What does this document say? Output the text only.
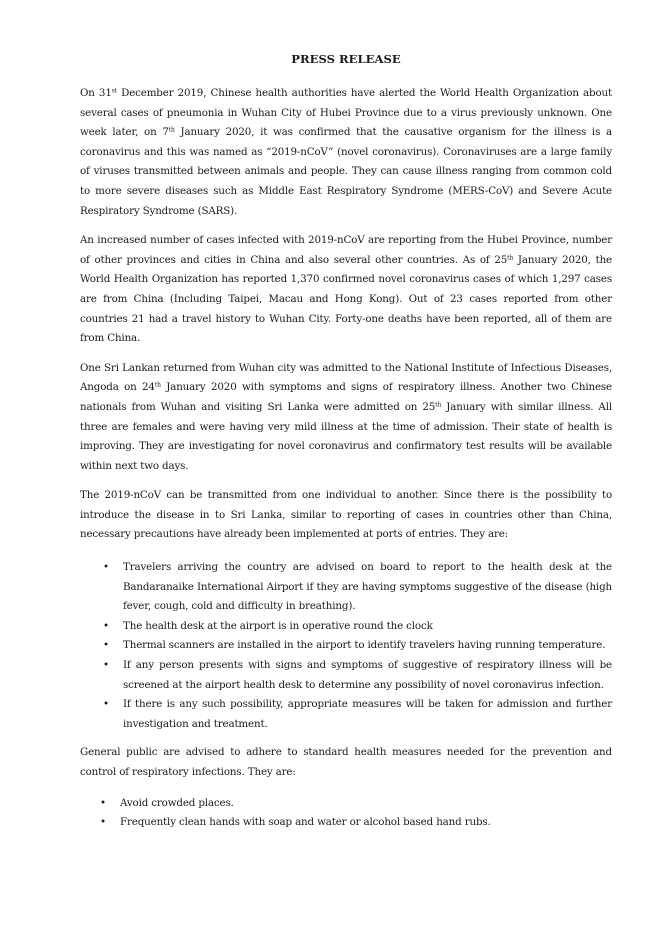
PRESS RELEASE

On 31st December 2019, Chinese health authorities have alerted the World Health Organization about several cases of pneumonia in Wuhan City of Hubei Province due to a virus previously unknown. One week later, on 7th January 2020, it was confirmed that the causative organism for the illness is a coronavirus and this was named as “2019-nCoV” (novel coronavirus). Coronaviruses are a large family of viruses transmitted between animals and people. They can cause illness ranging from common cold to more severe diseases such as Middle East Respiratory Syndrome (MERS-CoV) and Severe Acute Respiratory Syndrome (SARS).

An increased number of cases infected with 2019-nCoV are reporting from the Hubei Province, number of other provinces and cities in China and also several other countries. As of 25th January 2020, the World Health Organization has reported 1,370 confirmed novel coronavirus cases of which 1,297 cases are from China (Including Taipei, Macau and Hong Kong). Out of 23 cases reported from other countries 21 had a travel history to Wuhan City. Forty-one deaths have been reported, all of them are from China.

One Sri Lankan returned from Wuhan city was admitted to the National Institute of Infectious Diseases, Angoda on 24th January 2020 with symptoms and signs of respiratory illness. Another two Chinese nationals from Wuhan and visiting Sri Lanka were admitted on 25th January with similar illness. All three are females and were having very mild illness at the time of admission. Their state of health is improving. They are investigating for novel coronavirus and confirmatory test results will be available within next two days.

The 2019-nCoV can be transmitted from one individual to another. Since there is the possibility to introduce the disease in to Sri Lanka, similar to reporting of cases in countries other than China, necessary precautions have already been implemented at ports of entries. They are:

• Travelers arriving the country are advised on board to report to the health desk at the Bandaranaike International Airport if they are having symptoms suggestive of the disease (high fever, cough, cold and difficulty in breathing).
• The health desk at the airport is in operative round the clock
• Thermal scanners are installed in the airport to identify travelers having running temperature.
• If any person presents with signs and symptoms of suggestive of respiratory illness will be screened at the airport health desk to determine any possibility of novel coronavirus infection.
• If there is any such possibility, appropriate measures will be taken for admission and further investigation and treatment.

General public are advised to adhere to standard health measures needed for the prevention and control of respiratory infections. They are:

• Avoid crowded places.
• Frequently clean hands with soap and water or alcohol based hand rubs.
